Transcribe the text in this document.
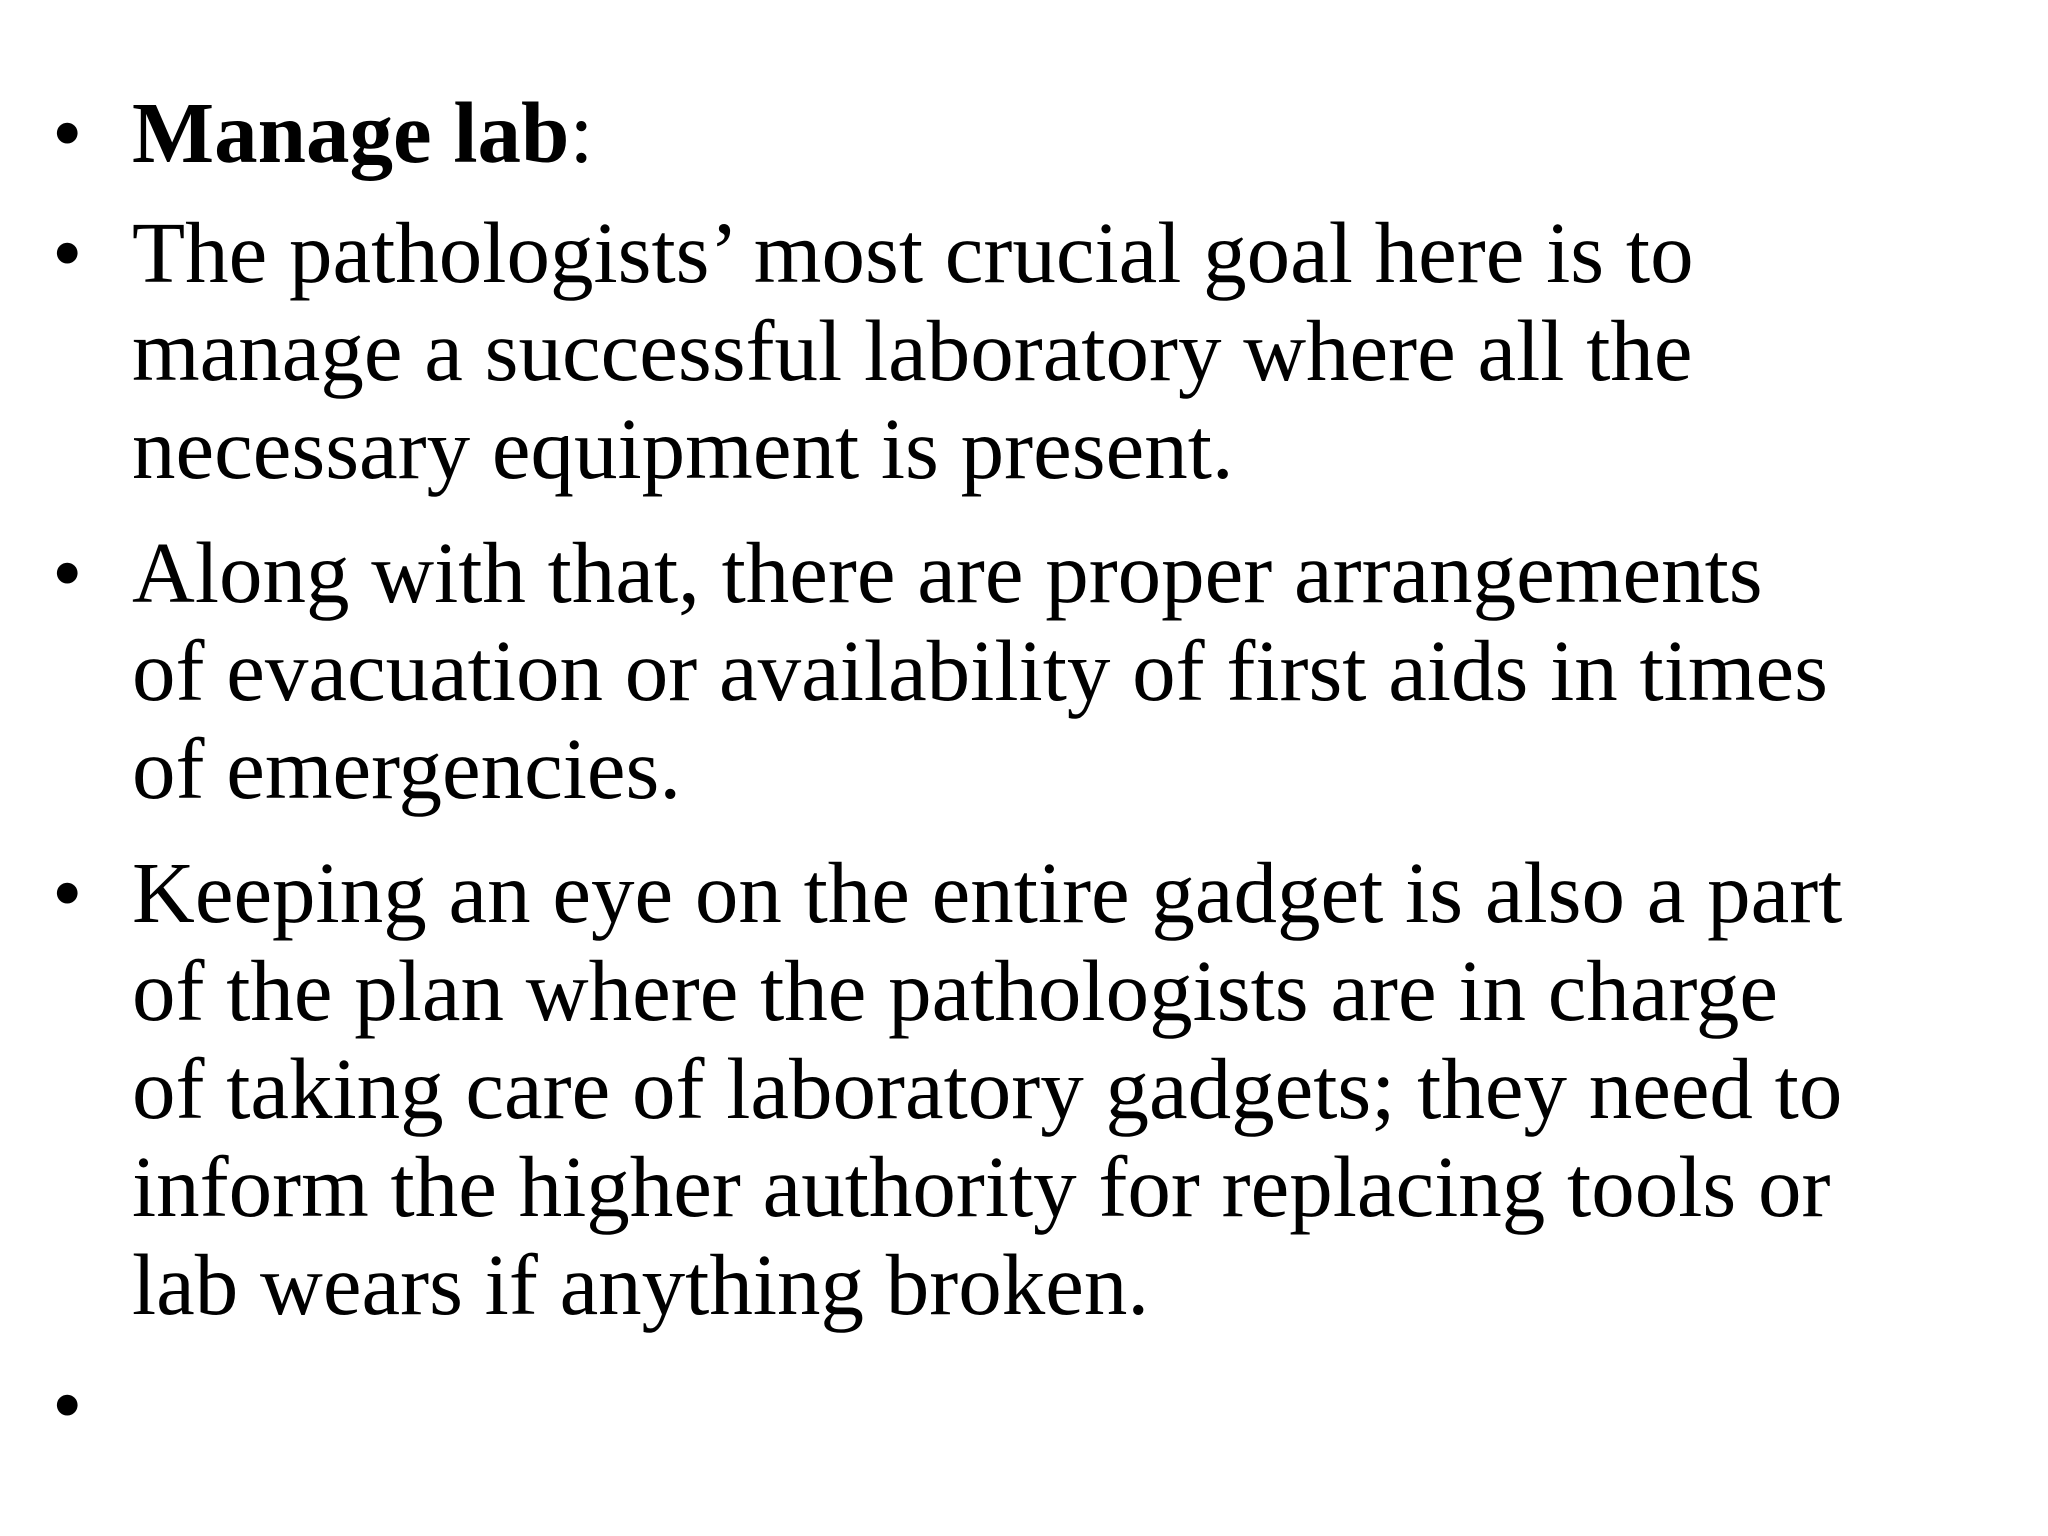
• Manage lab:
• The pathologists’ most crucial goal here is to
manage a successful laboratory where all the
necessary equipment is present.
• Along with that, there are proper arrangements
of evacuation or availability of first aids in times
of emergencies.
• Keeping an eye on the entire gadget is also a part
of the plan where the pathologists are in charge
of taking care of laboratory gadgets; they need to
inform the higher authority for replacing tools or
lab wears if anything broken.
•
